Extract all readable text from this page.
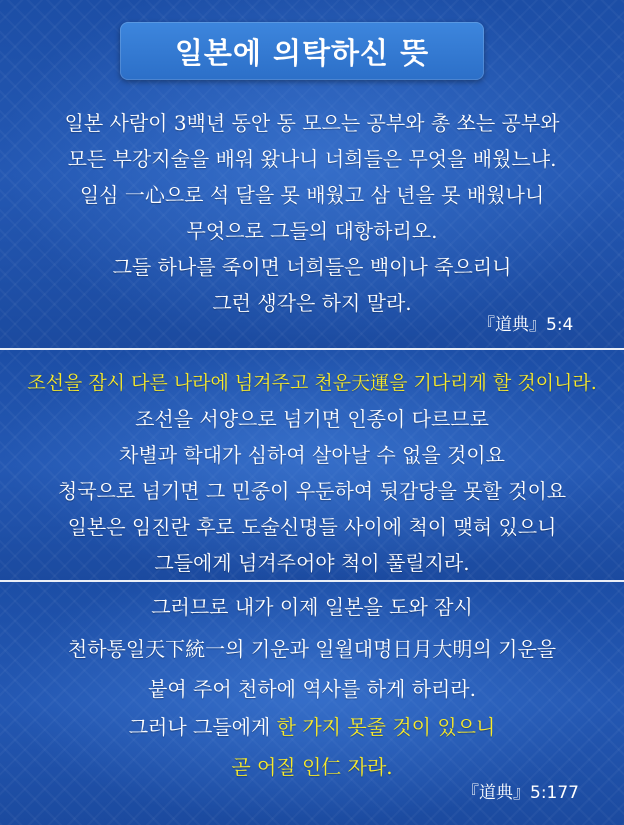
일본에 의탁하신 뜻
일본 사람이 3백년 동안 동 모으는 공부와 총 쏘는 공부와
모든 부강지술을 배워 왔나니 너희들은 무엇을 배웠느냐.
일심 一心으로 석 달을 못 배웠고 삼 년을 못 배웠나니
무엇으로 그들의 대항하리오.
그들 하나를 죽이면 너희들은 백이나 죽으리니
그런 생각은 하지 말라.
『道典』5:4
조선을 잠시 다른 나라에 넘겨주고 천운天運을 기다리게 할 것이니라.
조선을 서양으로 넘기면 인종이 다르므로
차별과 학대가 심하여 살아날 수 없을 것이요
청국으로 넘기면 그 민중이 우둔하여 뒷감당을 못할 것이요
일본은 임진란 후로 도술신명들 사이에 척이 맺혀 있으니
그들에게 넘겨주어야 척이 풀릴지라.
그러므로 내가 이제 일본을 도와 잠시
천하통일天下統一의 기운과 일월대명日月大明의 기운을
붙여 주어 천하에 역사를 하게 하리라.
그러나 그들에게 한 가지 못줄 것이 있으니
곧 어질 인仁 자라.
『道典』5:177
